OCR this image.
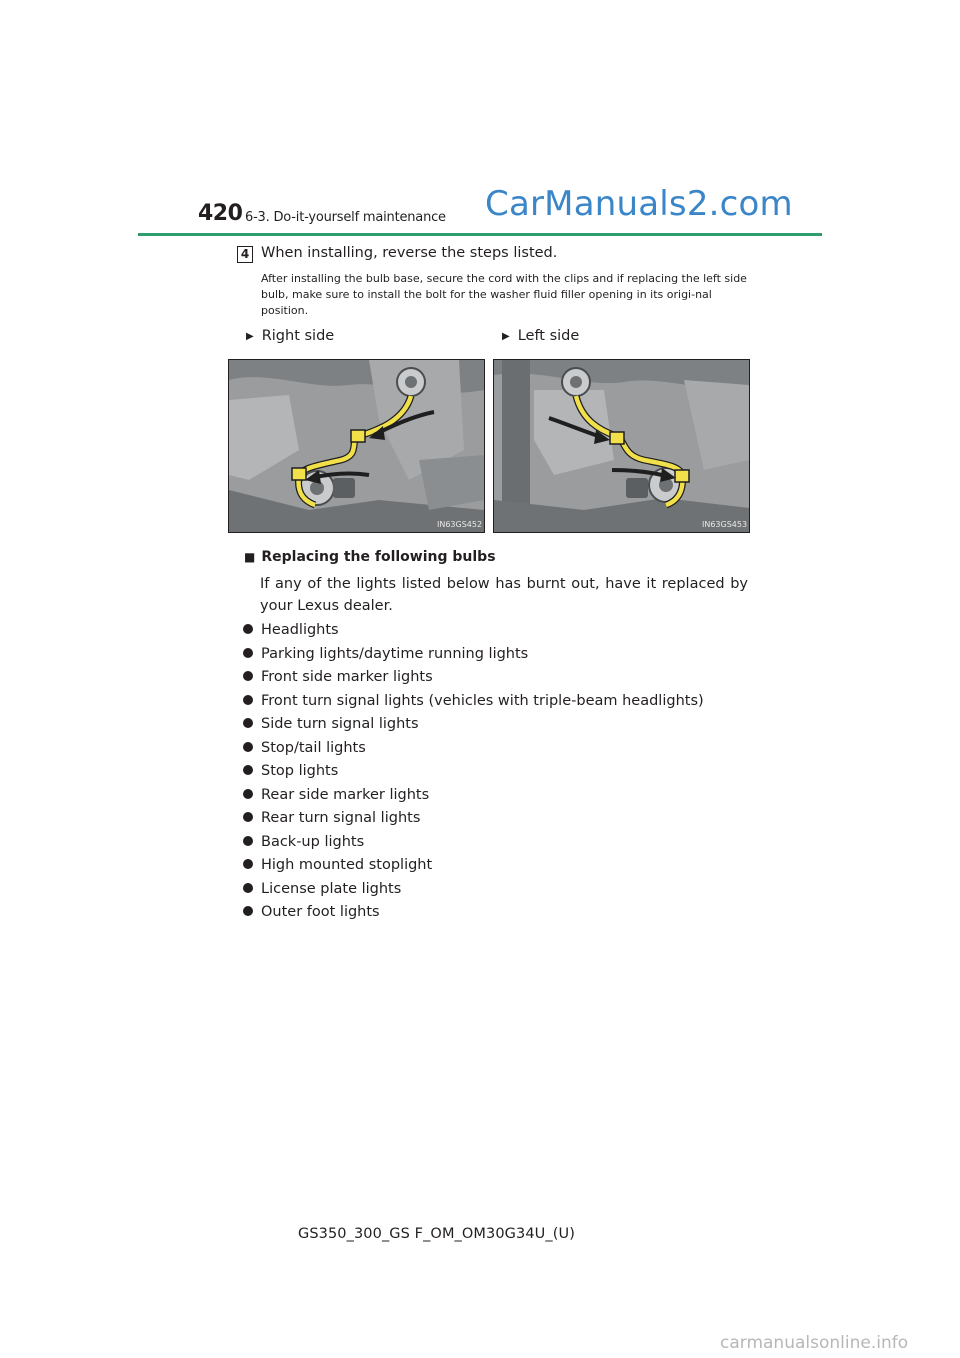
420 6-3. Do-it-yourself maintenance CarManuals2.com
4 When installing, reverse the steps listed.
After installing the bulb base, secure the cord with the clips and if replacing the left side bulb, make sure to install the bolt for the washer fluid filler opening in its origi-nal position.
▶ Right side	▶ Left side
IN63GS452	IN63GS453
■ Replacing the following bulbs
If any of the lights listed below has burnt out, have it replaced by your Lexus dealer.
Headlights
Parking lights/daytime running lights
Front side marker lights
Front turn signal lights (vehicles with triple-beam headlights)
Side turn signal lights
Stop/tail lights
Stop lights
Rear side marker lights
Rear turn signal lights
Back-up lights
High mounted stoplight
License plate lights
Outer foot lights
GS350_300_GS F_OM_OM30G34U_(U)
carmanualsonline.info
